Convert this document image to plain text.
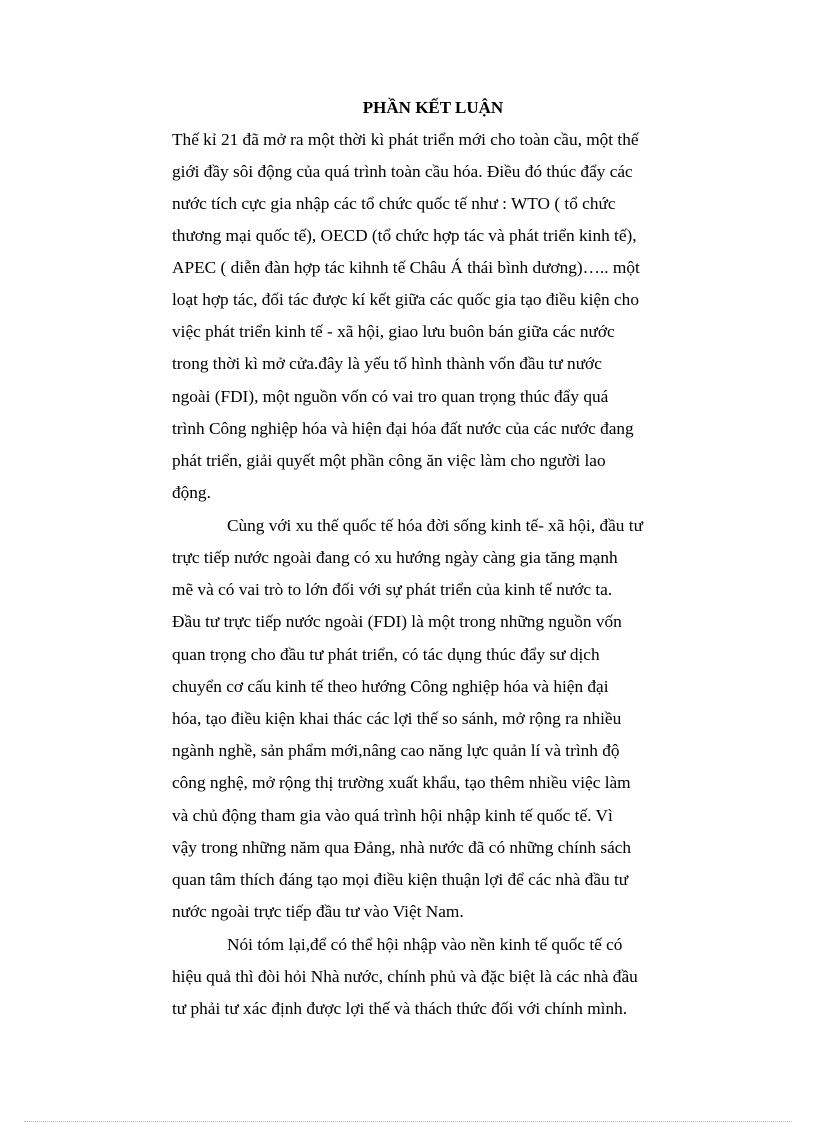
PHẦN KẾT LUẬN

Thế kỉ 21 đã mở ra một thời kì phát triển mới cho toàn cầu, một thế

giới đầy sôi động của quá trình toàn cầu hóa. Điều đó thúc đẩy các

nước tích cực gia nhập các tổ chức quốc tế như : WTO ( tổ chức

thương mại quốc tế), OECD (tổ chức hợp tác và phát triển kinh tế),

APEC ( diễn đàn hợp tác kihnh tế Châu Á thái bình dương)….. một

loạt hợp tác, đối tác được kí kết giữa các quốc gia tạo điều kiện cho

việc phát triển kinh tế - xã hội, giao lưu buôn bán giữa các nước

trong thời kì mở cửa.đây là yếu tố hình thành vốn đầu tư nước

ngoài (FDI), một nguồn vốn có vai tro quan trọng thúc đẩy quá

trình Công nghiệp hóa và hiện đại hóa đất nước của các nước đang

phát triển, giải quyết một phần công ăn việc làm cho người lao

động.

Cùng với xu thế quốc tế hóa đời sống kinh tế- xã hội, đầu tư

trực tiếp nước ngoài đang có xu hướng ngày càng gia tăng mạnh

mẽ và có vai trò to lớn đối với sự phát triển của kinh tế nước ta.

Đầu tư trực tiếp nước ngoài (FDI) là một trong những nguồn vốn

quan trọng cho đầu tư phát triển, có tác dụng thúc đẩy sư dịch

chuyển cơ cấu kinh tế theo hướng Công nghiệp hóa và hiện đại

hóa, tạo điều kiện khai thác các lợi thế so sánh, mở rộng ra nhiều

ngành nghề, sản phẩm mới,nâng cao năng lực quản lí và trình độ

công nghệ, mở rộng thị trường xuất khẩu, tạo thêm nhiều việc làm

và chủ động tham gia vào quá trình hội nhập kinh tế quốc tế. Vì

vậy trong những năm qua Đảng, nhà nước đã có những chính sách

quan tâm thích đáng tạo mọi điều kiện thuận lợi để các nhà đầu tư

nước ngoài trực tiếp đầu tư vào Việt Nam.

Nói tóm lại,để có thể hội nhập vào nền kinh tế quốc tế có

hiệu quả thì đòi hỏi Nhà nước, chính phủ và đặc biệt là các nhà đầu

tư phải tư xác định được lợi thế và thách thức đối với chính mình.
